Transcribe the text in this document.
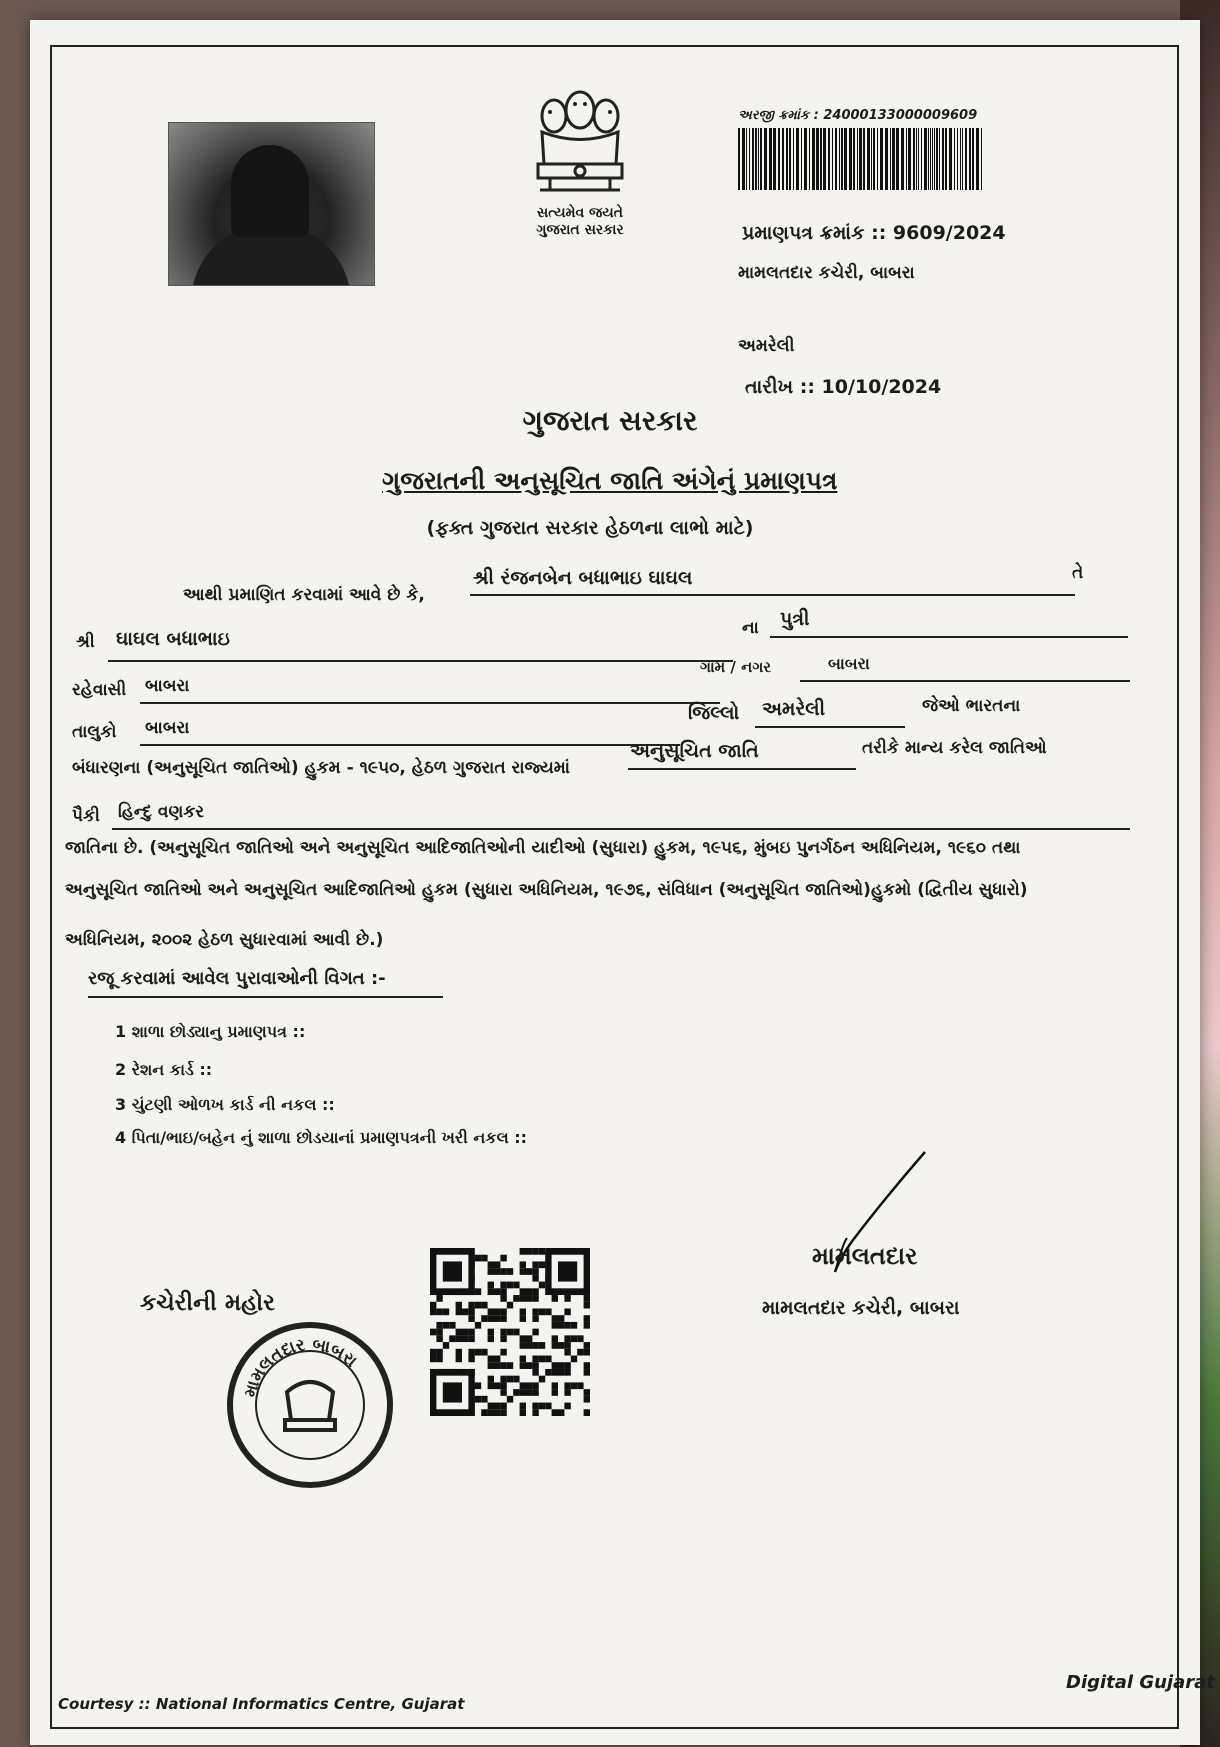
સત્યમેવ જયતે
ગુજરાત સરકાર
અરજી ક્રમાંક : 24000133000009609
પ્રમાણપત્ર ક્રમાંક :: 9609/2024
મામલતદાર કચેરી, બાબરા
અમરેલી
તારીખ :: 10/10/2024
ગુજરાત સરકાર
ગુજરાતની અનુસૂચિત જાતિ અંગેનું પ્રમાણપત્ર
(ફક્ત ગુજરાત સરકાર હેઠળના લાભો માટે)
આથી પ્રમાણિત કરવામાં આવે છે કે,
શ્રી રંજનબેન બધાભાઇ ઘાઘલ	તે
શ્રી ઘાઘલ બધાભાઇ	ના પુત્રી
ગામ / નગર	બાબરા
રહેવાસી બાબરા
તાલુકો બાબરા
જિલ્લો અમરેલી	જેઓ ભારતના
બંધારણના (અનુસૂચિત જાતિઓ) હુકમ - ૧૯૫૦, હેઠળ ગુજરાત રાજ્યમાં
અનુસૂચિત જાતિ	તરીકે માન્ય કરેલ જાતિઓ
પૈકી હિન્દુ વણકર
જાતિના છે. (અનુસૂચિત જાતિઓ અને અનુસૂચિત આદિજાતિઓની યાદીઓ (સુધારા) હુકમ, ૧૯૫૬, મુંબઇ પુનર્ગઠન અધિનિયમ, ૧૯૬૦ તથા
અનુસૂચિત જાતિઓ અને અનુસૂચિત આદિજાતિઓ હુકમ (સુધારા અધિનિયમ, ૧૯૭૬, સંવિધાન (અનુસૂચિત જાતિઓ)હુકમો (દ્વિતીય સુધારો)
અધિનિયમ, ૨૦૦૨ હેઠળ સુધારવામાં આવી છે.)
રજૂ કરવામાં આવેલ પુરાવાઓની વિગત :-
1 શાળા છોડ્યાનુ પ્રમાણપત્ર ::
2 રેશન કાર્ડ ::
3 ચુંટણી ઓળખ કાર્ડ ની નકલ ::
4 પિતા/ભાઇ/બહેન નું શાળા છોડયાનાં પ્રમાણપત્રની ખરી નકલ ::
કચેરીની મહોર
મામલતદાર બાબરા
મામલતદાર
મામલતદાર કચેરી, બાબરા
Courtesy :: National Informatics Centre, Gujarat
Digital Gujarat
